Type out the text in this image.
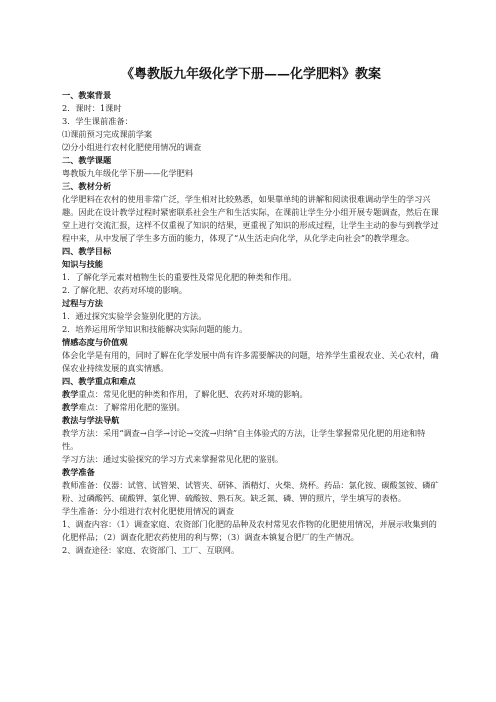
《粤教版九年级化学下册——化学肥料》教案
一、教案背景
2．课时：1课时
3．学生课前准备：
⑴课前预习完成课前学案
⑵分小组进行农村化肥使用情况的调查
二、教学课题
粤教版九年级化学下册——化学肥料
三、教材分析
化学肥料在农村的使用非常广泛，学生相对比较熟悉，如果靠单纯的讲解和阅读很难调动学生的学习兴趣。因此在设计教学过程时紧密联系社会生产和生活实际，在课前让学生分小组开展专题调查，然后在课堂上进行交流汇报，这样不仅重视了知识的结果，更重视了知识的形成过程，让学生主动的参与到教学过程中来，从中发展了学生多方面的能力，体现了“从生活走向化学，从化学走向社会”的教学理念。
四、教学目标
知识与技能
1．了解化学元素对植物生长的重要性及常见化肥的种类和作用。
2. 了解化肥、农药对环境的影响。
过程与方法
1．通过探究实验学会鉴别化肥的方法。
2．培养运用所学知识和技能解决实际问题的能力。
情感态度与价值观
体会化学是有用的，同时了解在化学发展中尚有许多需要解决的问题，培养学生重视农业、关心农村，确保农业持续发展的真实情感。
四、教学重点和难点
教学重点：常见化肥的种类和作用，了解化肥、农药对环境的影响。
教学难点：了解常用化肥的鉴别。
教法与学法导航
教学方法：采用“调查→自学→讨论→交流→归纳”自主体验式的方法，让学生掌握常见化肥的用途和特性。
学习方法：通过实验探究的学习方式来掌握常见化肥的鉴别。
教学准备
教师准备：仪器：试管、试管架、试管夹、研钵、酒精灯、火柴、烧杯。药品：氯化铵、碳酸氢铵、磷矿粉、过磷酸钙、硫酸钾、氯化钾、硫酸铵、熟石灰。缺乏氮、磷、钾的照片，学生填写的表格。
学生准备：分小组进行农村化肥使用情况的调查
1、调查内容：（1）调查家庭、农资部门化肥的品种及农村常见农作物的化肥使用情况，并展示收集到的化肥样品；（2）调查化肥农药使用的利与弊；（3）调查本镇复合肥厂的生产情况。
2、调查途径：家庭、农资部门、工厂、互联网。
